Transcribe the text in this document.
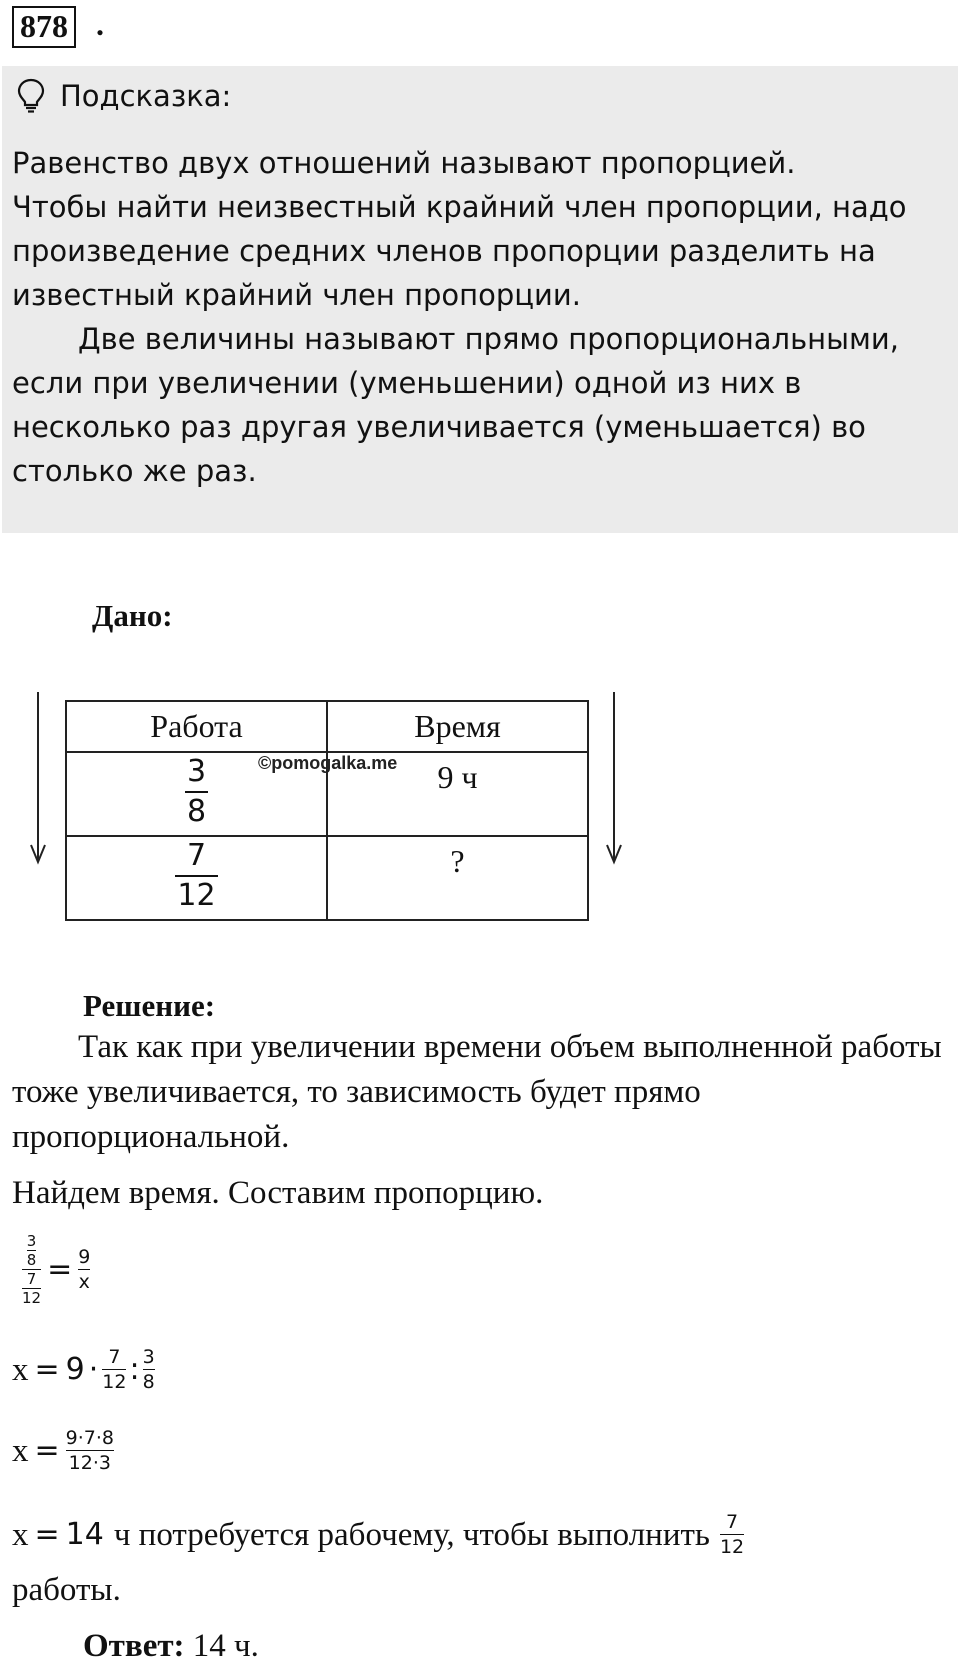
878 .
Подсказка:
Равенство двух отношений называют пропорцией.
Чтобы найти неизвестный крайний член пропорции, надо произведение средних членов пропорции разделить на известный крайний член пропорции.
Две величины называют прямо пропорциональными, если при увеличении (уменьшении) одной из них в несколько раз другая увеличивается (уменьшается) во столько же раз.
Дано:
Работа	Время

$\frac{3}{8}$	9 ч

$\frac{7}{12}$	?
©pomogalka.me
Решение:
Так как при увеличении времени объем выполненной работы тоже увеличивается, то зависимость будет прямо пропорциональной.
Найдем время. Составим пропорцию.
$\frac{\frac{3}{8}}{\frac{7}{12}} = \frac{9}{x}$
$x = 9 \cdot \frac{7}{12}$ : $\frac{3}{8}$
$x = \frac{9\cdot 7\cdot 8}{12\cdot 3}$
x = 14 ч потребуется рабочему, чтобы выполнить $\frac{7}{12}$
работы.
Ответ: 14 ч.
